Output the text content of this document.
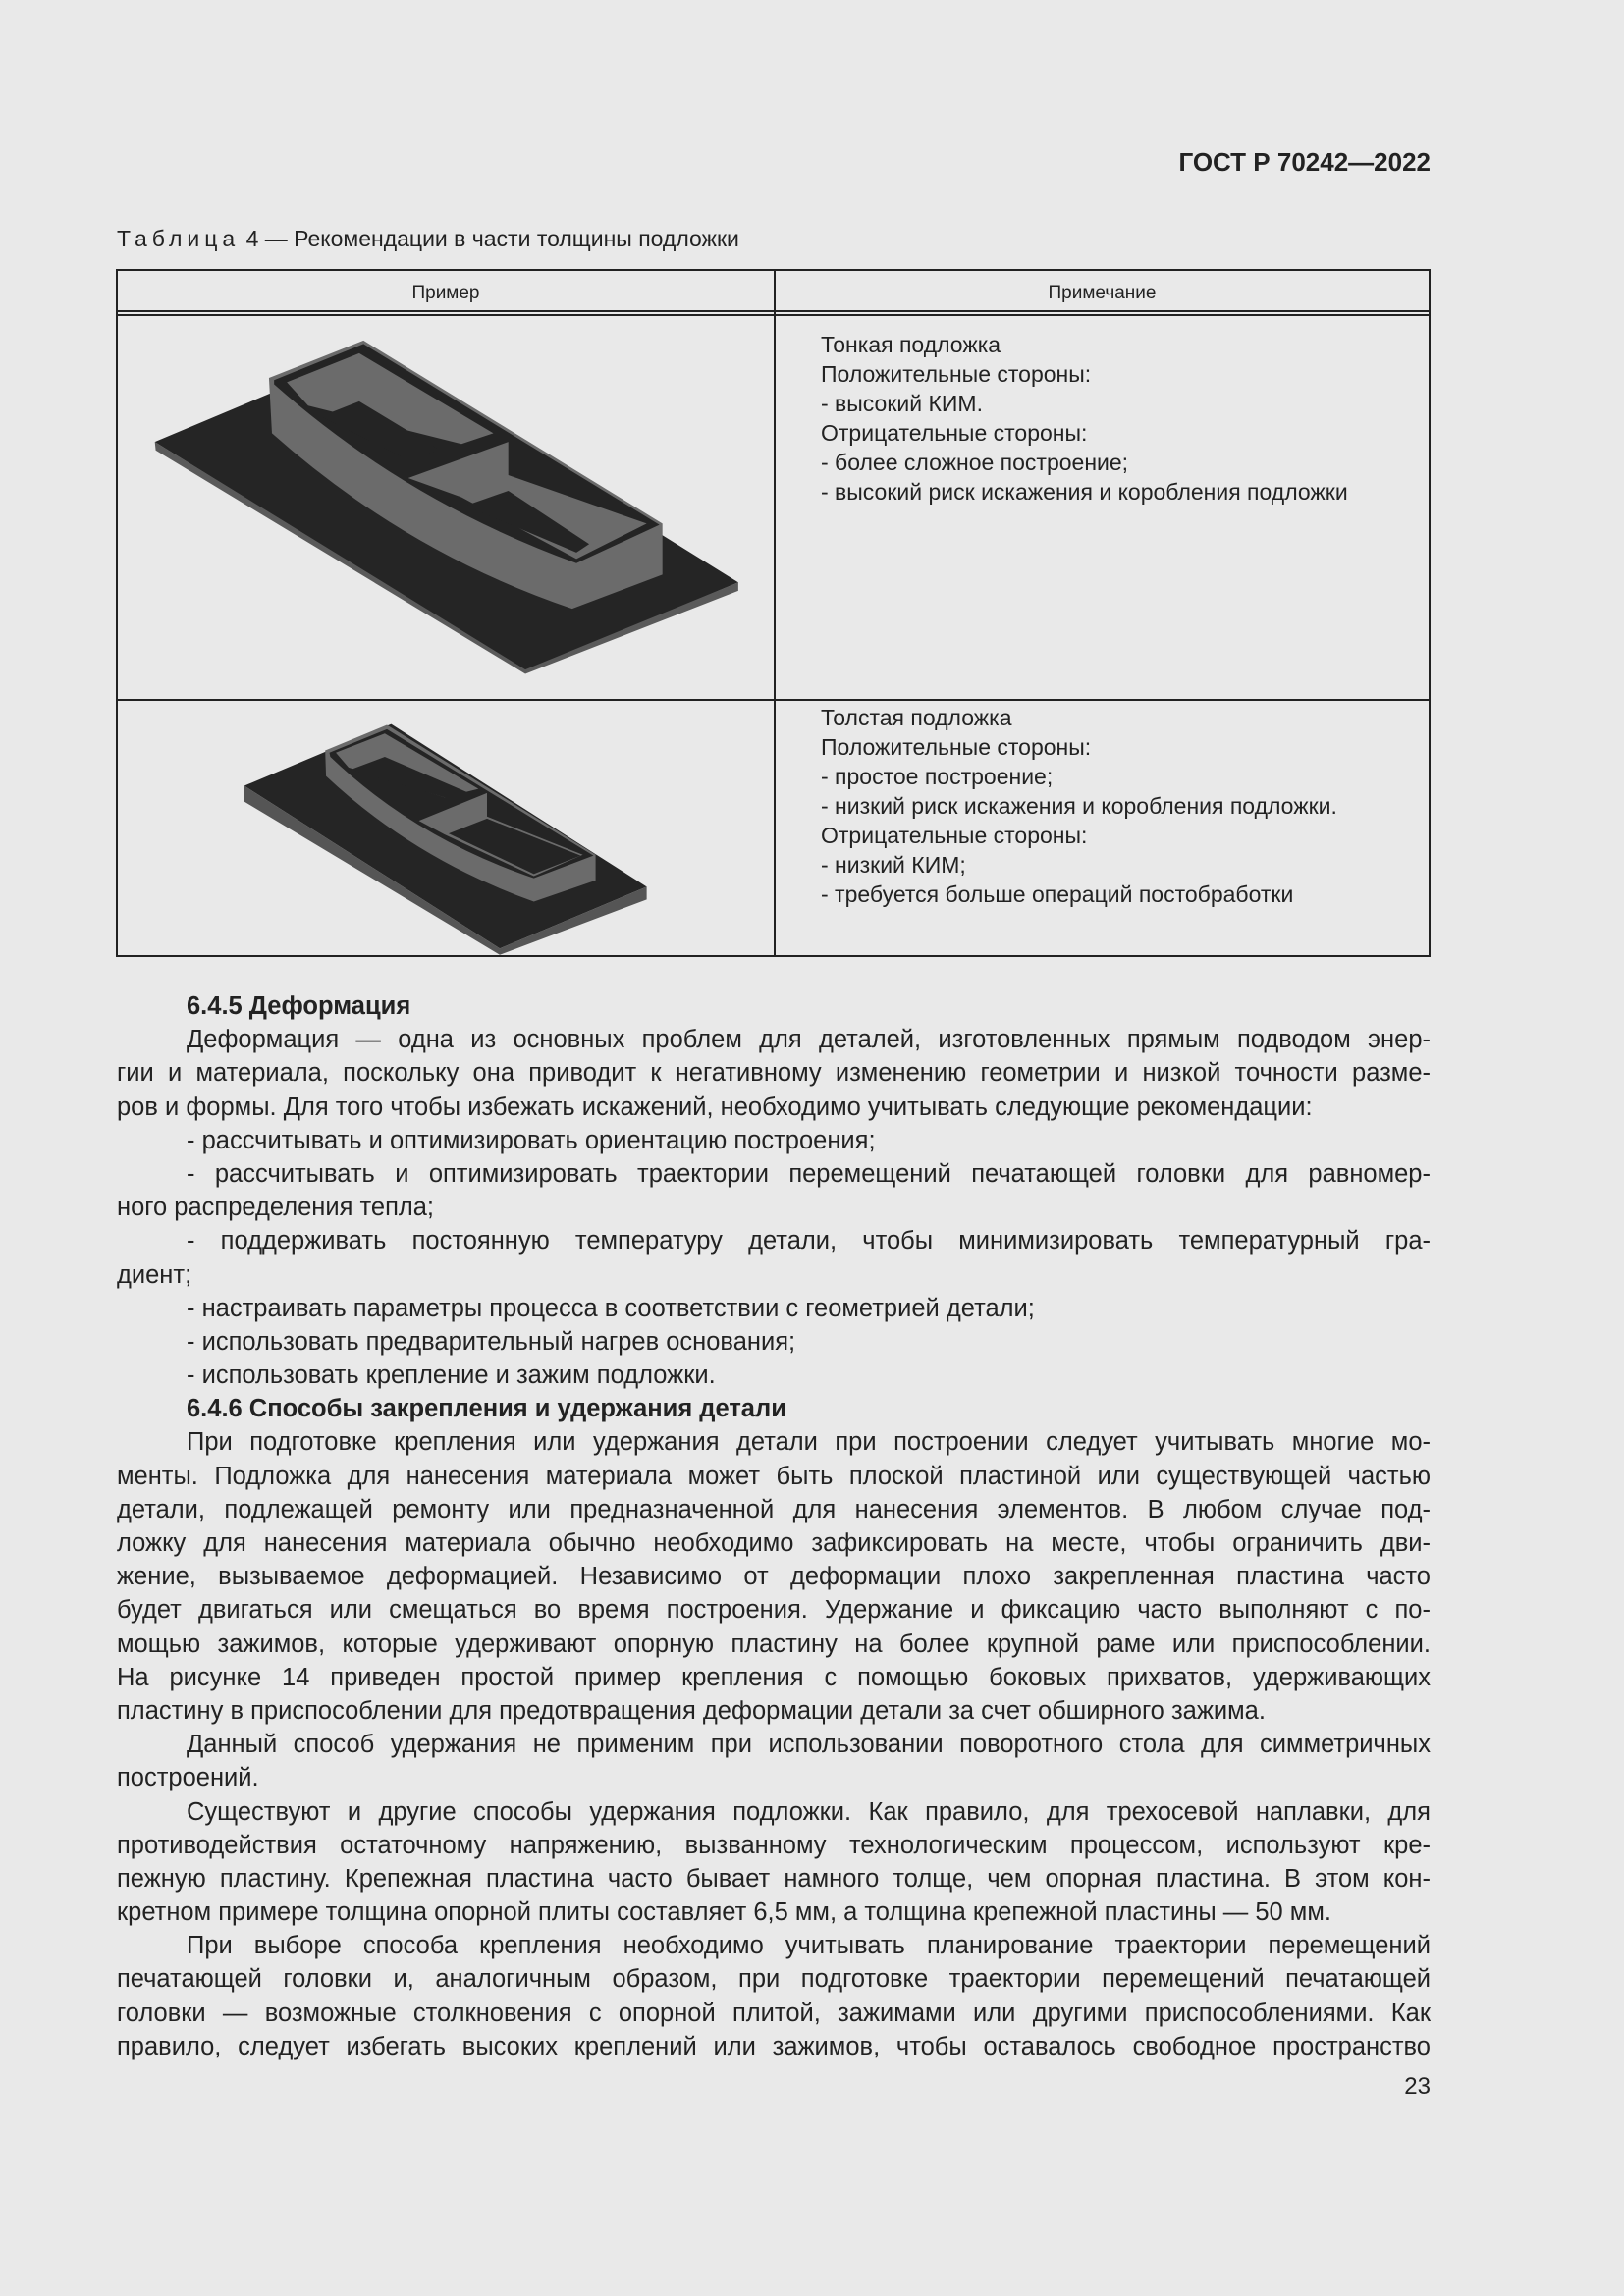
ГОСТ Р 70242—2022
Таблица 4 — Рекомендации в части толщины подложки
Пример	Примечание
Тонкая подложка
Положительные стороны:
- высокий КИМ.
Отрицательные стороны:
- более сложное построение;
- высокий риск искажения и коробления подложки
Толстая подложка
Положительные стороны:
- простое построение;
- низкий риск искажения и коробления подложки.
Отрицательные стороны:
- низкий КИМ;
- требуется больше операций постобработки
6.4.5 Деформация
Деформация — одна из основных проблем для деталей, изготовленных прямым подводом энер-
гии и материала, поскольку она приводит к негативному изменению геометрии и низкой точности разме-
ров и формы. Для того чтобы избежать искажений, необходимо учитывать следующие рекомендации:
- рассчитывать и оптимизировать ориентацию построения;
- рассчитывать и оптимизировать траектории перемещений печатающей головки для равномер-
ного распределения тепла;
- поддерживать постоянную температуру детали, чтобы минимизировать температурный гра-
диент;
- настраивать параметры процесса в соответствии с геометрией детали;
- использовать предварительный нагрев основания;
- использовать крепление и зажим подложки.
6.4.6 Способы закрепления и удержания детали
При подготовке крепления или удержания детали при построении следует учитывать многие мо-
менты. Подложка для нанесения материала может быть плоской пластиной или существующей частью
детали, подлежащей ремонту или предназначенной для нанесения элементов. В любом случае под-
ложку для нанесения материала обычно необходимо зафиксировать на месте, чтобы ограничить дви-
жение, вызываемое деформацией. Независимо от деформации плохо закрепленная пластина часто
будет двигаться или смещаться во время построения. Удержание и фиксацию часто выполняют с по-
мощью зажимов, которые удерживают опорную пластину на более крупной раме или приспособлении.
На рисунке 14 приведен простой пример крепления с помощью боковых прихватов, удерживающих
пластину в приспособлении для предотвращения деформации детали за счет обширного зажима.
Данный способ удержания не применим при использовании поворотного стола для симметричных
построений.
Существуют и другие способы удержания подложки. Как правило, для трехосевой наплавки, для
противодействия остаточному напряжению, вызванному технологическим процессом, используют кре-
пежную пластину. Крепежная пластина часто бывает намного толще, чем опорная пластина. В этом кон-
кретном примере толщина опорной плиты составляет 6,5 мм, а толщина крепежной пластины — 50 мм.
При выборе способа крепления необходимо учитывать планирование траектории перемещений
печатающей головки и, аналогичным образом, при подготовке траектории перемещений печатающей
головки — возможные столкновения с опорной плитой, зажимами или другими приспособлениями. Как
правило, следует избегать высоких креплений или зажимов, чтобы оставалось свободное пространство
23
